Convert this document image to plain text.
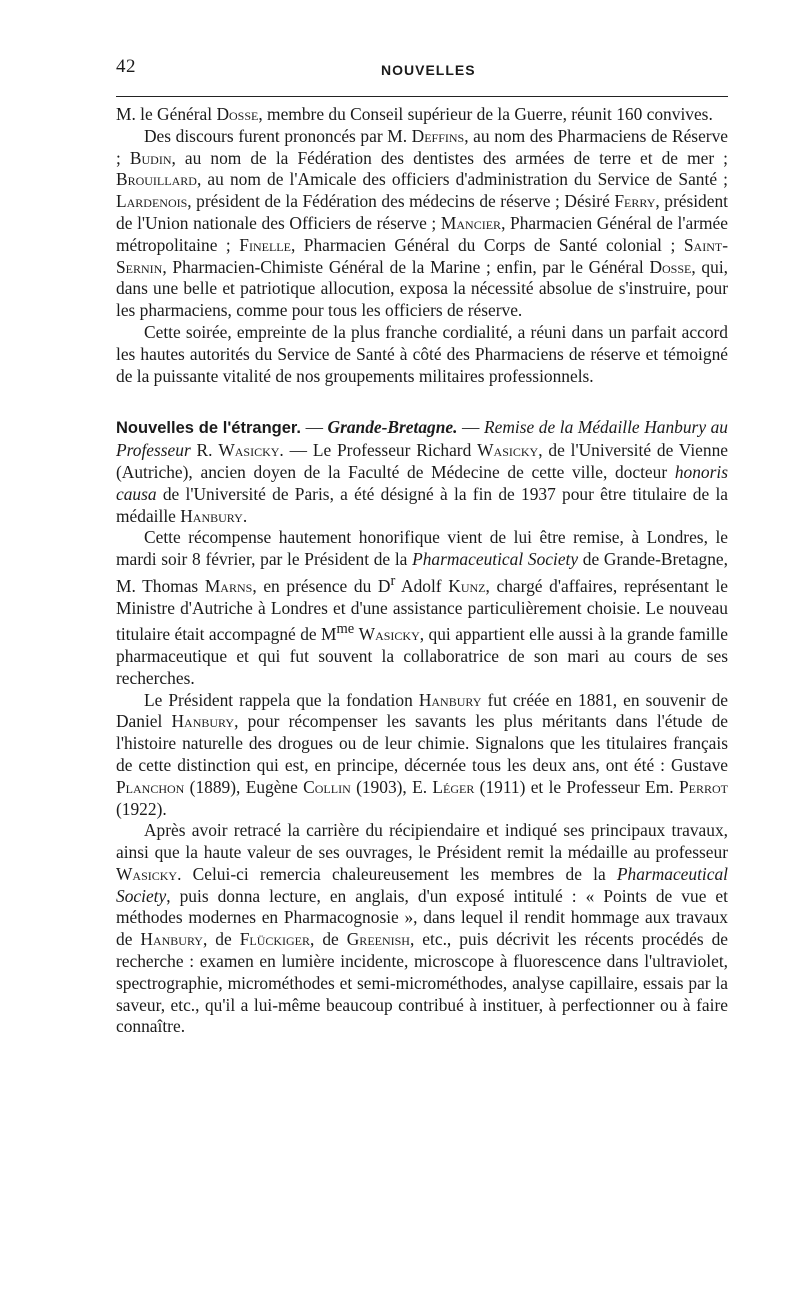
42	NOUVELLES

M. le Général Dosse, membre du Conseil supérieur de la Guerre, réunit 160 convives.

Des discours furent prononcés par M. Deffins, au nom des Pharmaciens de Réserve ; Budin, au nom de la Fédération des dentistes des armées de terre et de mer ; Brouillard, au nom de l'Amicale des officiers d'administration du Service de Santé ; Lardenois, président de la Fédération des médecins de réserve ; Désiré Ferry, président de l'Union nationale des Officiers de réserve ; Mancier, Pharmacien Général de l'armée métropolitaine ; Finelle, Pharmacien Général du Corps de Santé colonial ; Saint-Sernin, Pharmacien-Chimiste Général de la Marine ; enfin, par le Général Dosse, qui, dans une belle et patriotique allocution, exposa la nécessité absolue de s'instruire, pour les pharmaciens, comme pour tous les officiers de réserve.

Cette soirée, empreinte de la plus franche cordialité, a réuni dans un parfait accord les hautes autorités du Service de Santé à côté des Pharmaciens de réserve et témoigné de la puissante vitalité de nos groupements militaires professionnels.

Nouvelles de l'étranger. — Grande-Bretagne. — Remise de la Médaille Hanbury au Professeur R. Wasicky. — Le Professeur Richard Wasicky, de l'Université de Vienne (Autriche), ancien doyen de la Faculté de Médecine de cette ville, docteur honoris causa de l'Université de Paris, a été désigné à la fin de 1937 pour être titulaire de la médaille Hanbury.

Cette récompense hautement honorifique vient de lui être remise, à Londres, le mardi soir 8 février, par le Président de la Pharmaceutical Society de Grande-Bretagne, M. Thomas Marns, en présence du $D^r$ Adolf Kunz, chargé d'affaires, représentant le Ministre d'Autriche à Londres et d'une assistance particulièrement choisie. Le nouveau titulaire était accompagné de $M^{me}$ Wasicky, qui appartient elle aussi à la grande famille pharmaceutique et qui fut souvent la collaboratrice de son mari au cours de ses recherches.

Le Président rappela que la fondation Hanbury fut créée en 1881, en souvenir de Daniel Hanbury, pour récompenser les savants les plus méritants dans l'étude de l'histoire naturelle des drogues ou de leur chimie. Signalons que les titulaires français de cette distinction qui est, en principe, décernée tous les deux ans, ont été : Gustave Planchon (1889), Eugène Collin (1903), E. Léger (1911) et le Professeur Em. Perrot (1922).

Après avoir retracé la carrière du récipiendaire et indiqué ses principaux travaux, ainsi que la haute valeur de ses ouvrages, le Président remit la médaille au professeur Wasicky. Celui-ci remercia chaleureusement les membres de la Pharmaceutical Society, puis donna lecture, en anglais, d'un exposé intitulé : « Points de vue et méthodes modernes en Pharmacognosie », dans lequel il rendit hommage aux travaux de Hanbury, de Flückiger, de Greenish, etc., puis décrivit les récents procédés de recherche : examen en lumière incidente, microscope à fluorescence dans l'ultraviolet, spectrographie, microméthodes et semi-microméthodes, analyse capillaire, essais par la saveur, etc., qu'il a lui-même beaucoup contribué à instituer, à perfectionner ou à faire connaître.
